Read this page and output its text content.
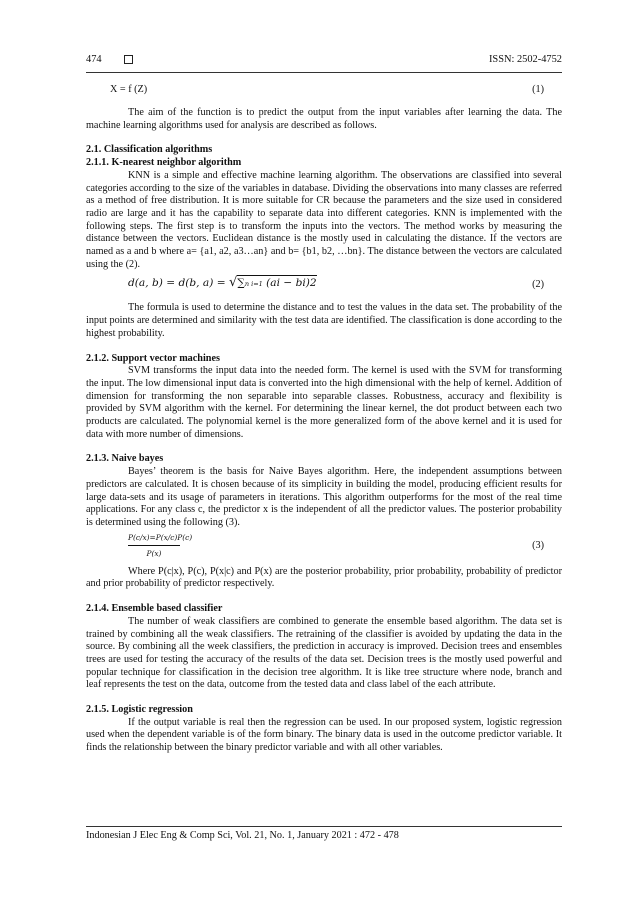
474	ISSN: 2502-4752
X = f (Z)	(1)

The aim of the function is to predict the output from the input variables after learning the data. The machine learning algorithms used for analysis are described as follows.

2.1. Classification algorithms

2.1.1. K-nearest neighbor algorithm

KNN is a simple and effective machine learning algorithm. The observations are classified into several categories according to the size of the variables in database. Dividing the observations into many classes are referred as a method of free distribution. It is more suitable for CR because the parameters and the size used in considered radio are large and it has the capability to separate data into different categories. KNN is implemented with the following steps. The first step is to transform the inputs into the vectors. The method works by measuring the distance between the vectors. Euclidean distance is the mostly used in calculating the distance. If the vectors are named as a and b where a= {a1, a2, a3…an} and b= {b1, b2, …bn}. The distance between the vectors are calculated using the (2).

d(a, b) = d(b, a) = √∑n i=1 (ai − bi)2	(2)

The formula is used to determine the distance and to test the values in the data set. The probability of the input points are determined and similarity with the test data are identified. The classification is done according to the highest probability.

2.1.2. Support vector machines

SVM transforms the input data into the needed form. The kernel is used with the SVM for transforming the input. The low dimensional input data is converted into the high dimensional with the help of kernel. Addition of dimension for transforming the non separable into separable classes. Robustness, accuracy and flexibility is provided by SVM algorithm with the kernel. For determining the linear kernel, the dot product between each two products are calculated. The polynomial kernel is the more generalized form of the above kernel and it is used for data with more number of dimensions.

2.1.3. Naive bayes

Bayes’ theorem is the basis for Naive Bayes algorithm. Here, the independent assumptions between predictors are calculated. It is chosen because of its simplicity in building the model, producing efficient results for large data-sets and its usage of parameters in iterations. This algorithm outperforms for the most of the real time applications. For any class c, the predictor x is the independent of all the predictor values. The posterior probability is determined using the following (3).

$\frac{P(c/x)=P(x/c)P(c)}{P(x)}$	(3)

Where P(c|x), P(c), P(x|c) and P(x) are the posterior probability, prior probability, probability of predictor and prior probability of predictor respectively.

2.1.4. Ensemble based classifier

The number of weak classifiers are combined to generate the ensemble based algorithm. The data set is trained by combining all the weak classifiers. The retraining of the classifier is avoided by updating the data in the source. By combining all the week classifiers, the prediction in accuracy is improved. Decision trees and ensembles trees are used for testing the accuracy of the results of the data set. Decision trees is the mostly used powerful and popular technique for classification in the decision tree algorithm. It is like tree structure where node, branch and leaf represents the test on the data, outcome from the tested data and class label of the each attribute.

2.1.5. Logistic regression

If the output variable is real then the regression can be used. In our proposed system, logistic regression used when the dependent variable is of the form binary. The binary data is used in the outcome predictor variable. It finds the relationship between the binary predictor variable and with all other variables.

Indonesian J Elec Eng & Comp Sci, Vol. 21, No. 1, January 2021 : 472 - 478
